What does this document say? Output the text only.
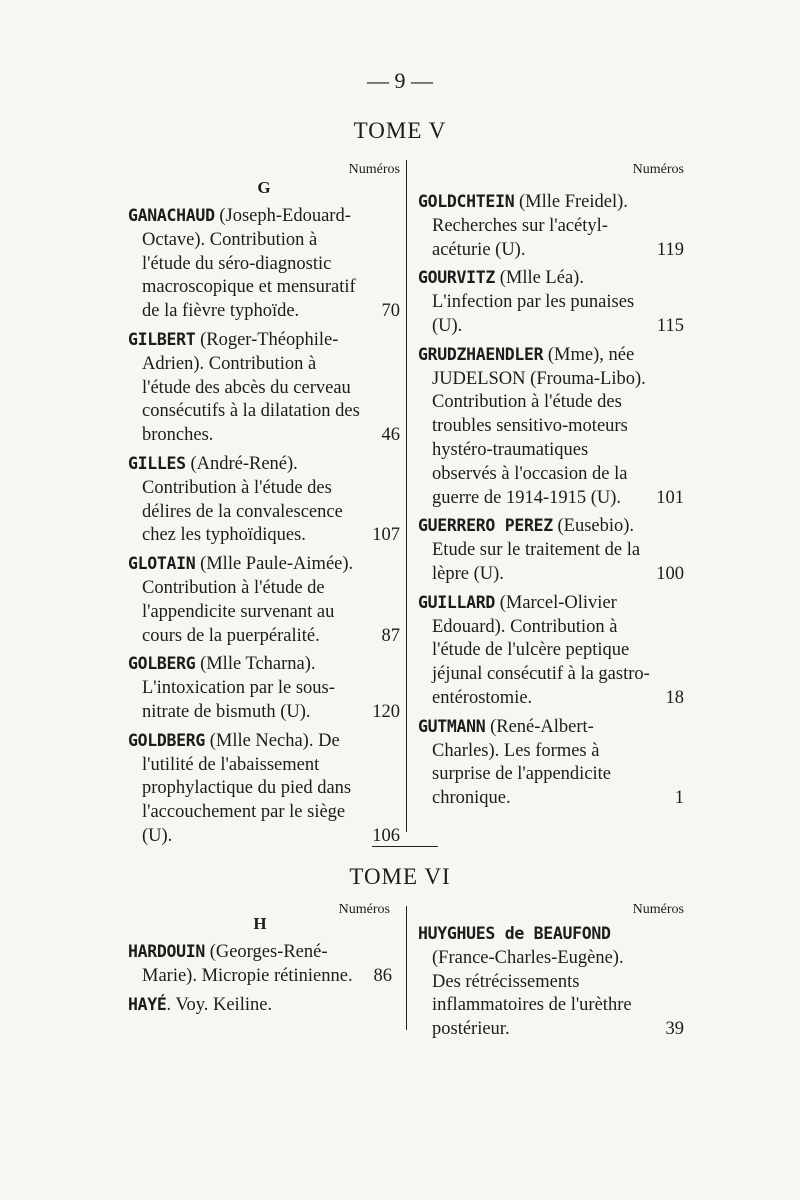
— 9 —
TOME V
Numéros	Numéros
G
GANACHAUD (Joseph-Edouard-Octave). Contribution à l'étude du séro-diagnostic macroscopique et mensuratif de la fièvre typhoïde.	70
GILBERT (Roger-Théophile-Adrien). Contribution à l'étude des abcès du cerveau consécutifs à la dilatation des bronches.	46
GILLES (André-René). Contribution à l'étude des délires de la convalescence chez les typhoïdiques.	107
GLOTAIN (Mlle Paule-Aimée). Contribution à l'étude de l'appendicite survenant au cours de la puerpéralité.	87
GOLBERG (Mlle Tcharna). L'intoxication par le sous-nitrate de bismuth (U).	120
GOLDBERG (Mlle Necha). De l'utilité de l'abaissement prophylactique du pied dans l'accouchement par le siège (U).	106
GOLDCHTEIN (Mlle Freidel). Recherches sur l'acétyl-acéturie (U).	119
GOURVITZ (Mlle Léa). L'infection par les punaises (U).	115
GRUDZHAENDLER (Mme), née JUDELSON (Frouma-Libo). Contribution à l'étude des troubles sensitivo-moteurs hystéro-traumatiques observés à l'occasion de la guerre de 1914-1915 (U). 101
GUERRERO PEREZ (Eusebio). Etude sur le traitement de la lèpre (U).	100
GUILLARD (Marcel-Olivier Edouard). Contribution à l'étude de l'ulcère peptique jéjunal consécutif à la gastro-entérostomie.	18
GUTMANN (René-Albert-Charles). Les formes à surprise de l'appendicite chronique.	1
TOME VI
Numéros	Numéros
H
HARDOUIN (Georges-René-Marie). Micropie rétinienne. 86
HAYÉ. Voy. Keiline.
HUYGHUES de BEAUFOND (France-Charles-Eugène). Des rétrécissements inflammatoires de l'urèthre postérieur.	39
